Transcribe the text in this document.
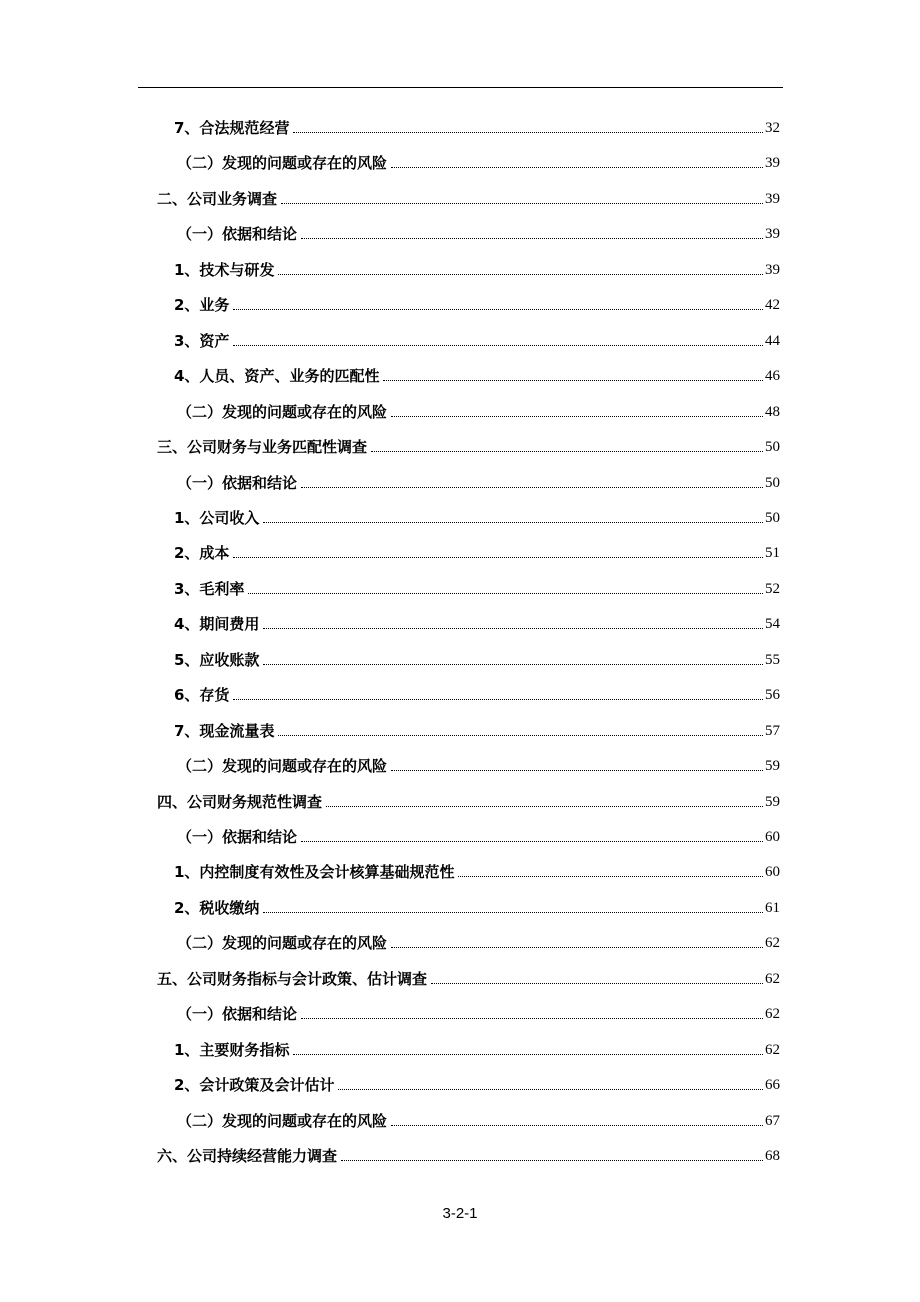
7、合法规范经营	32
（二）发现的问题或存在的风险	39
二、公司业务调查	39
（一）依据和结论	39
1、技术与研发	39
2、业务	42
3、资产	44
4、人员、资产、业务的匹配性	46
（二）发现的问题或存在的风险	48
三、公司财务与业务匹配性调查	50
（一）依据和结论	50
1、公司收入	50
2、成本	51
3、毛利率	52
4、期间费用	54
5、应收账款	55
6、存货	56
7、现金流量表	57
（二）发现的问题或存在的风险	59
四、公司财务规范性调查	59
（一）依据和结论	60
1、内控制度有效性及会计核算基础规范性	60
2、税收缴纳	61
（二）发现的问题或存在的风险	62
五、公司财务指标与会计政策、估计调查	62
（一）依据和结论	62
1、主要财务指标	62
2、会计政策及会计估计	66
（二）发现的问题或存在的风险	67
六、公司持续经营能力调查	68
3-2-1
